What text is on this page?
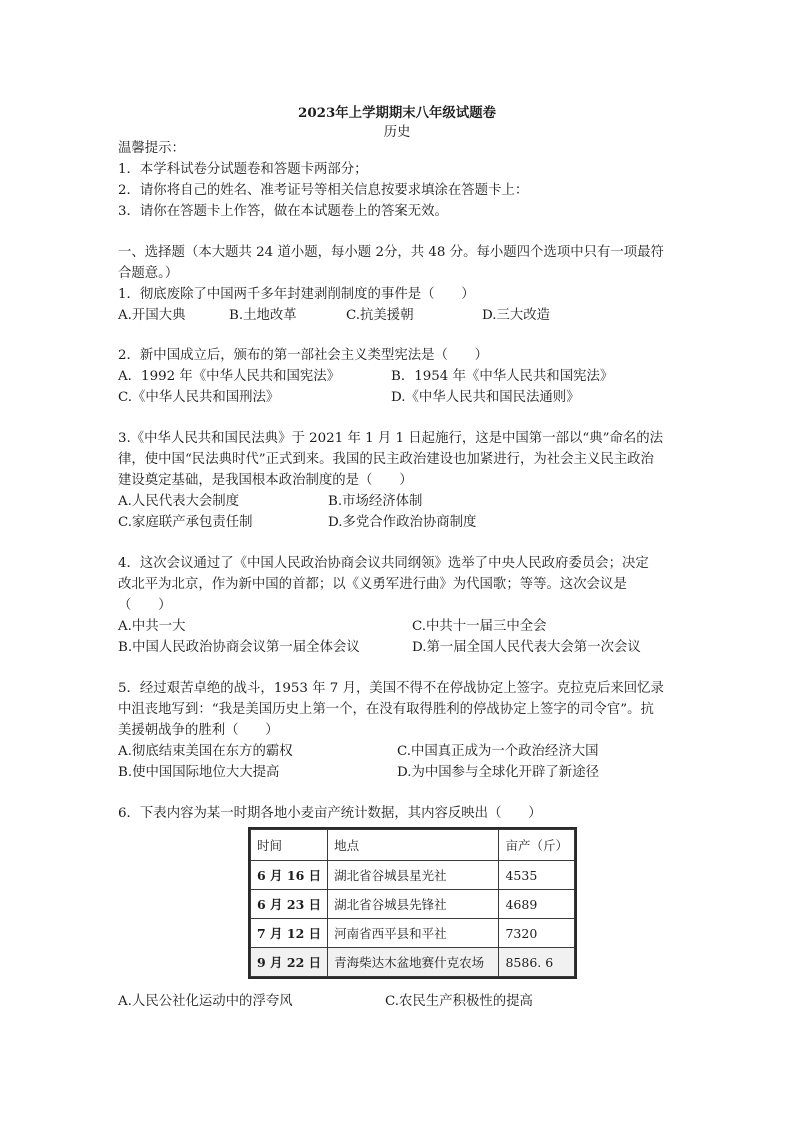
2023年上学期期末八年级试题卷
历史
温馨提示：
1．本学科试卷分试题卷和答题卡两部分；
2．请你将自己的姓名、准考证号等相关信息按要求填涂在答题卡上：
3．请你在答题卡上作答，做在本试题卷上的答案无效。
一、选择题（本大题共 24 道小题，每小题 2分，共 48 分。每小题四个选项中只有一项最符
合题意。）
1．彻底废除了中国两千多年封建剥削制度的事件是（　　）
A.开国大典	B.土地改革	C.抗美援朝	D.三大改造
2．新中国成立后，颁布的第一部社会主义类型宪法是（　　）
A．1992 年《中华人民共和国宪法》	B．1954 年《中华人民共和国宪法》
C.《中华人民共和国刑法》	D.《中华人民共和国民法通则》
3.《中华人民共和国民法典》于 2021 年 1 月 1 日起施行，这是中国第一部以“典”命名的法
律，使中国“民法典时代”正式到来。我国的民主政治建设也加紧进行，为社会主义民主政治
建设奠定基础，是我国根本政治制度的是（　　）
A.人民代表大会制度	B.市场经济体制
C.家庭联产承包责任制	D.多党合作政治协商制度
4．这次会议通过了《中国人民政治协商会议共同纲领》选举了中央人民政府委员会；决定
改北平为北京，作为新中国的首都；以《义勇军进行曲》为代国歌；等等。这次会议是
（　　）
A.中共一大	C.中共十一届三中全会
B.中国人民政治协商会议第一届全体会议	D.第一届全国人民代表大会第一次会议
5．经过艰苦卓绝的战斗，1953 年 7 月，美国不得不在停战协定上签字。克拉克后来回忆录
中沮丧地写到：“我是美国历史上第一个，在没有取得胜利的停战协定上签字的司令官”。抗
美援朝战争的胜利（　　）
A.彻底结束美国在东方的霸权	C.中国真正成为一个政治经济大国
B.使中国国际地位大大提高	D.为中国参与全球化开辟了新途径
6．下表内容为某一时期各地小麦亩产统计数据，其内容反映出（　　）
时间	地点	亩产（斤）
6 月 16 日	湖北省谷城县星光社	4535
6 月 23 日	湖北省谷城县先锋社	4689
7 月 12 日	河南省西平县和平社	7320
9 月 22 日	青海柴达木盆地赛什克农场	8586. 6
A.人民公社化运动中的浮夸风	C.农民生产积极性的提高
